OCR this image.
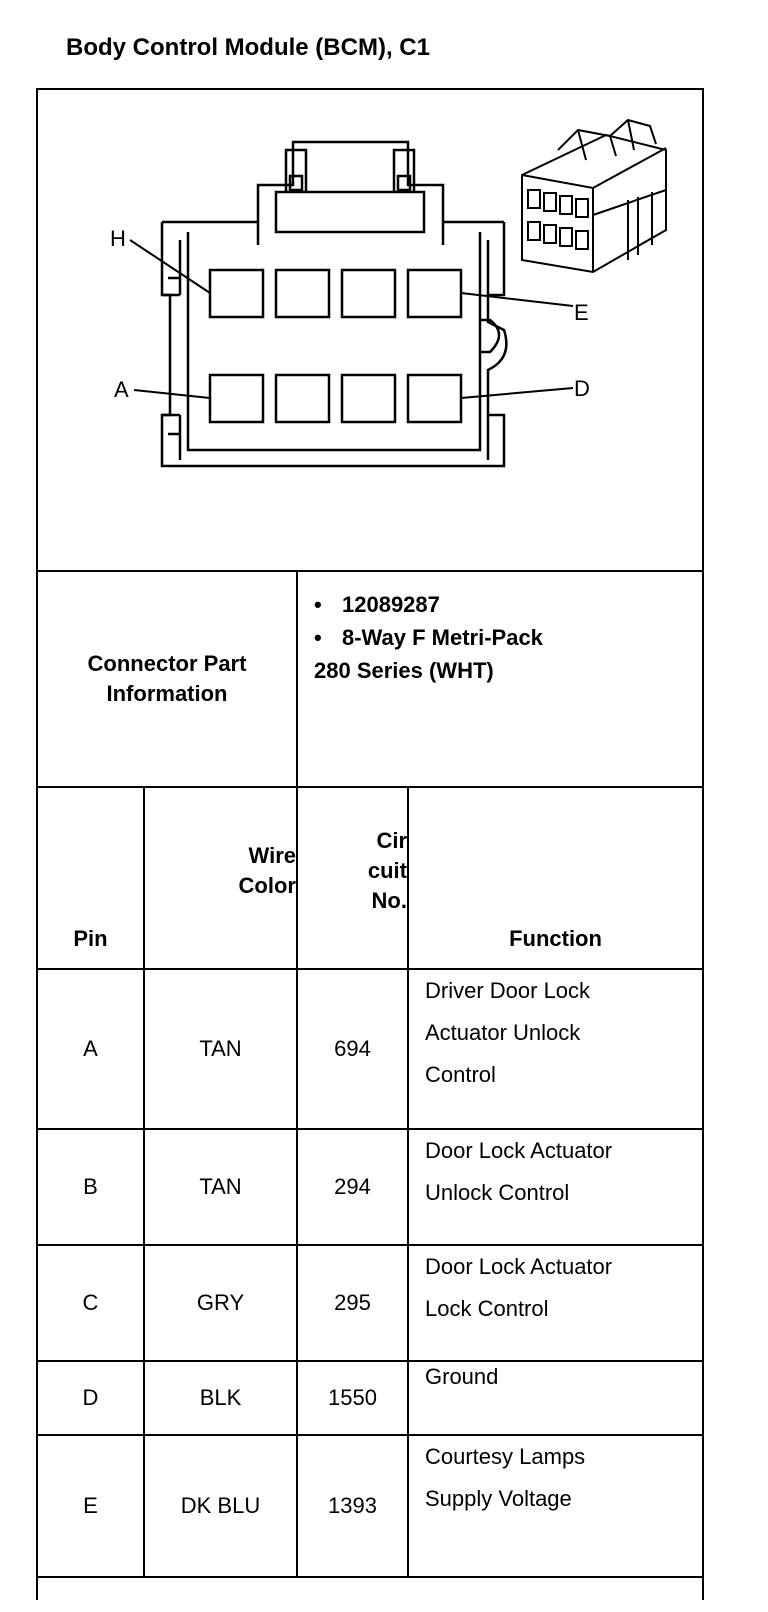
Body Control Module (BCM), C1
H
E
A	D
Connector Part
Information
• 12089287
• 8-Way F Metri-Pack
280 Series (WHT)
Pin
Wire
Color
Cir
cuit
No.
Function
A	TAN	694
Driver Door Lock
Actuator Unlock
Control
B	TAN	294
Door Lock Actuator
Unlock Control
C	GRY	295
Door Lock Actuator
Lock Control
D	BLK	1550
Ground
E	DK BLU	1393
Courtesy Lamps
Supply Voltage
